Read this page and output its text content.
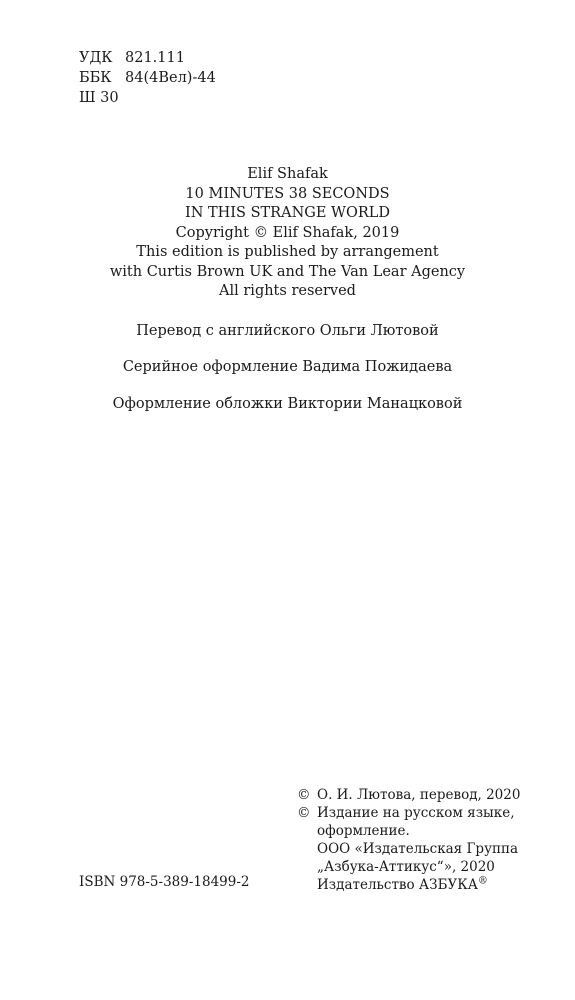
УДК 821.111
ББК 84(4Вел)-44
Ш 30
Elif Shafak
10 MINUTES 38 SECONDS
IN THIS STRANGE WORLD
Copyright © Elif Shafak, 2019
This edition is published by arrangement
with Curtis Brown UK and The Van Lear Agency
All rights reserved
Перевод с английского Ольги Лютовой
Серийное оформление Вадима Пожидаева
Оформление обложки Виктории Манацковой
© О. И. Лютова, перевод, 2020
© Издание на русском языке,
оформление.
ООО «Издательская Группа
„Азбука-Аттикус“», 2020
Издательство АЗБУКА®
ISBN 978-5-389-18499-2
